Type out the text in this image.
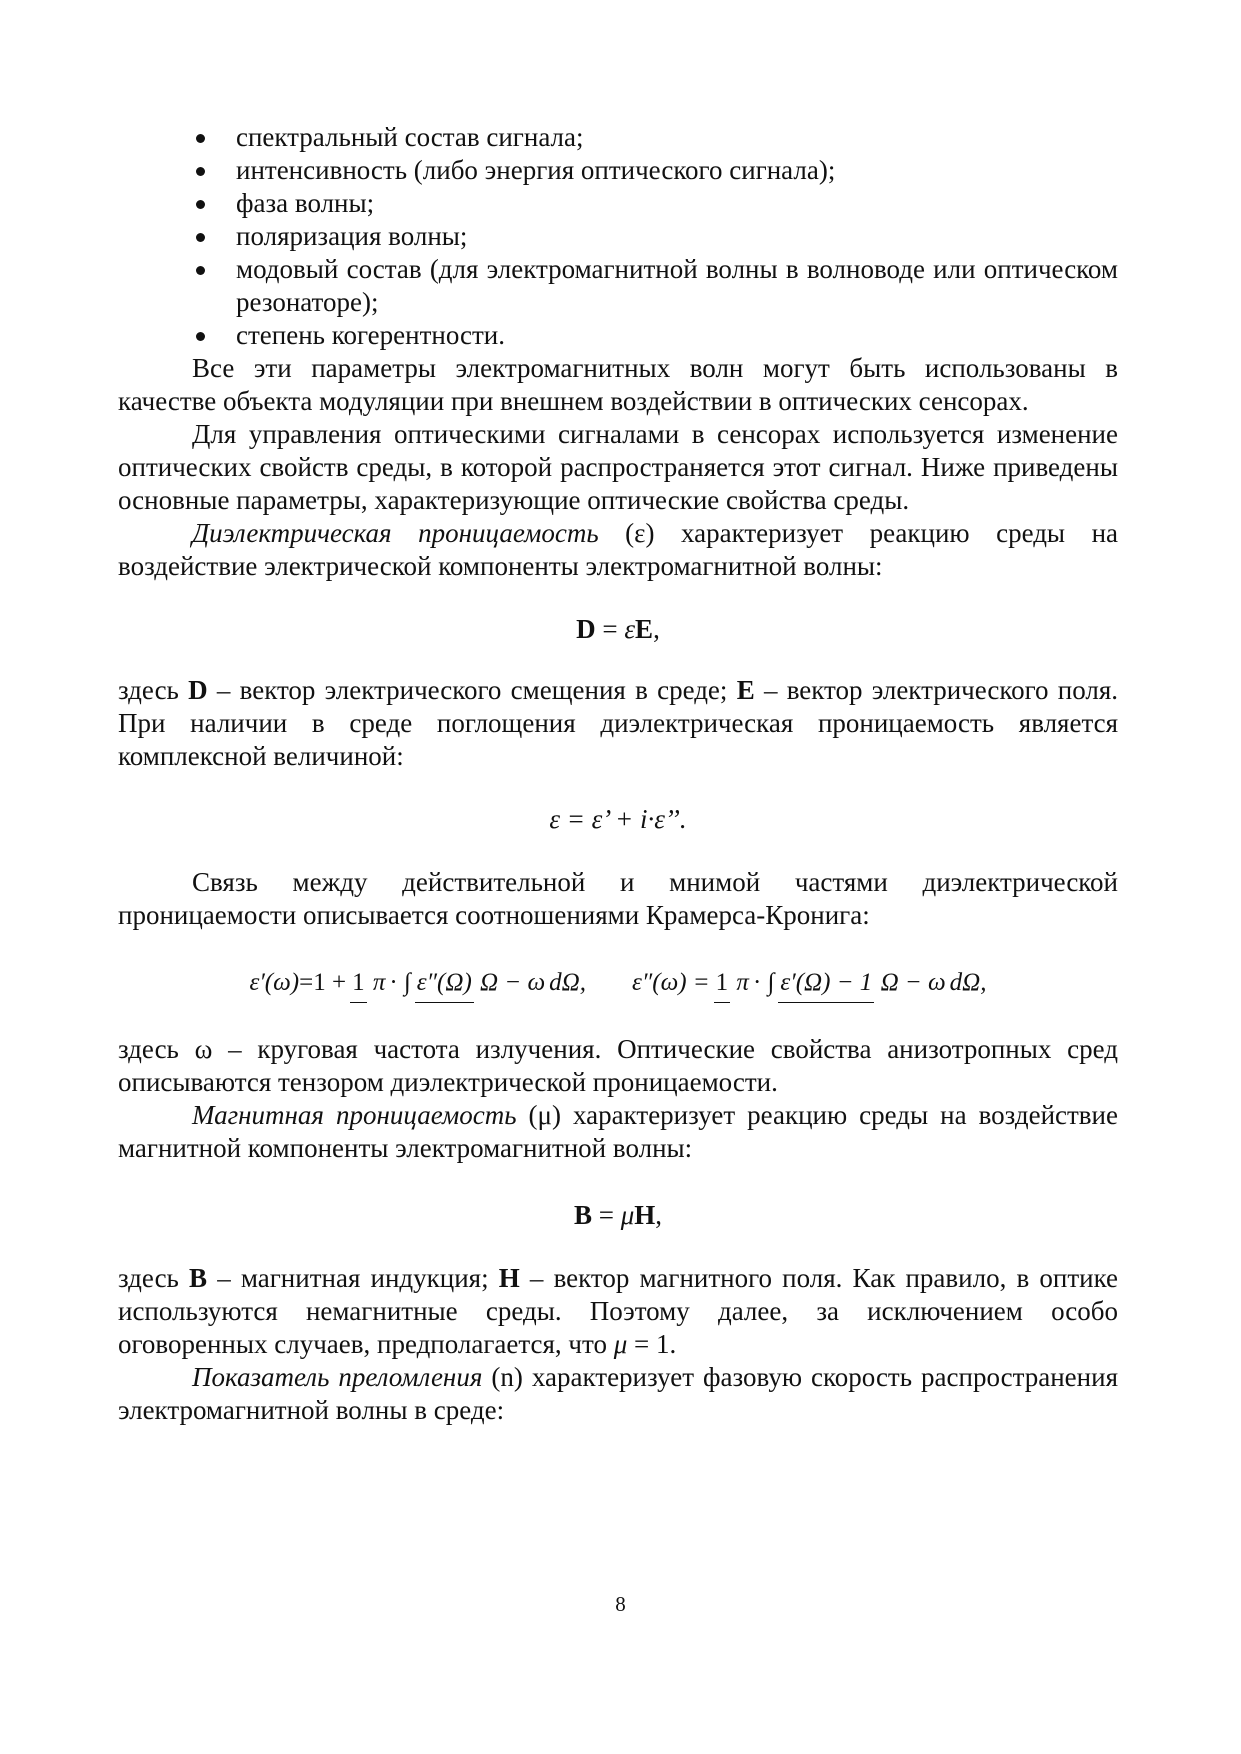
спектральный состав сигнала;
интенсивность (либо энергия оптического сигнала);
фаза волны;
поляризация волны;
модовый состав (для электромагнитной волны в волноводе или оптическом резонаторе);
степень когерентности.

Все эти параметры электромагнитных волн могут быть использованы в качестве объекта модуляции при внешнем воздействии в оптических сенсорах.

Для управления оптическими сигналами в сенсорах используется изменение оптических свойств среды, в которой распространяется этот сигнал. Ниже приведены основные параметры, характеризующие оптические свойства среды.

Диэлектрическая проницаемость (ε) характеризует реакцию среды на воздействие электрической компоненты электромагнитной волны:

D = εE,

здесь D – вектор электрического смещения в среде; E – вектор электрического поля. При наличии в среде поглощения диэлектрическая проницаемость является комплексной величиной:

ε = ε’ + i·ε’’.

Связь между действительной и мнимой частями диэлектрической проницаемости описывается соотношениями Крамерса-Кронига:

ε′(ω) =1 + 1 π · ∫ ε″(Ω) Ω − ω dΩ, ε″(ω) = 1 π · ∫ ε′(Ω) − 1 Ω − ω dΩ,

здесь ω – круговая частота излучения. Оптические свойства анизотропных сред описываются тензором диэлектрической проницаемости.

Магнитная проницаемость (μ) характеризует реакцию среды на воздействие магнитной компоненты электромагнитной волны:

B = μH,

здесь B – магнитная индукция; H – вектор магнитного поля. Как правило, в оптике используются немагнитные среды. Поэтому далее, за исключением особо оговоренных случаев, предполагается, что μ = 1.

Показатель преломления (n) характеризует фазовую скорость распространения электромагнитной волны в среде:

8
